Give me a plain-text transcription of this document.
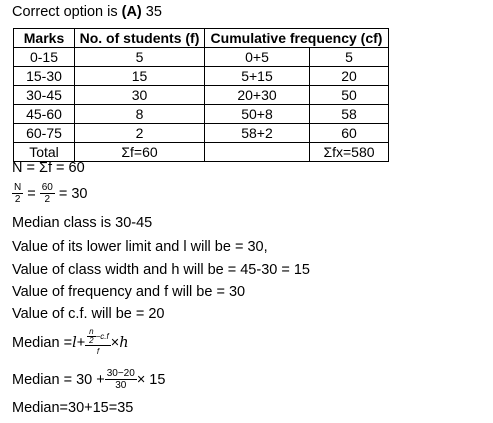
Correct option is (A) 35
Marks	No. of students (f)	Cumulative frequency (cf)	
0-15	5	0+5	5
15-30	15	5+15	20
30-45	30	20+30	50
45-60	8	50+8	58
60-75	2	58+2	60
Total	Σf=60		Σfx=580
N = Σf = 60
$\frac{N}{2} = \frac{60}{2} = 30$
Median class is 30-45
Value of its lower limit and l will be = 30,
Value of class width and h will be = 45-30 = 15
Value of frequency and f will be = 30
Value of c.f. will be = 20
Median = $l + \frac{\frac{n}{2} -c.f}{f} \times h$
Median = $30 + \frac{30-20}{30} \times 15$
Median=30+15=35
